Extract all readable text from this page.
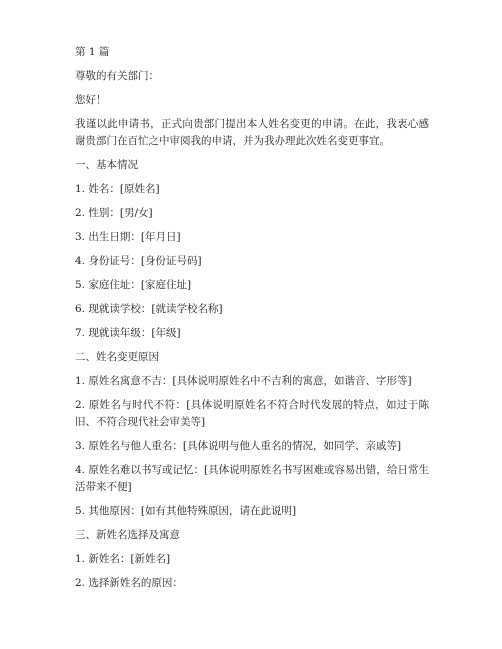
第 1 篇

尊敬的有关部门：

您好！

我谨以此申请书，正式向贵部门提出本人姓名变更的申请。在此，我衷心感谢贵部门在百忙之中审阅我的申请，并为我办理此次姓名变更事宜。

一、基本情况

1. 姓名：[原姓名]

2. 性别：[男/女]

3. 出生日期：[年月日]

4. 身份证号：[身份证号码]

5. 家庭住址：[家庭住址]

6. 现就读学校：[就读学校名称]

7. 现就读年级：[年级]

二、姓名变更原因

1. 原姓名寓意不吉：[具体说明原姓名中不吉利的寓意，如谐音、字形等]

2. 原姓名与时代不符：[具体说明原姓名不符合时代发展的特点，如过于陈旧、不符合现代社会审美等]

3. 原姓名与他人重名：[具体说明与他人重名的情况，如同学、亲戚等]

4. 原姓名难以书写或记忆：[具体说明原姓名书写困难或容易出错，给日常生活带来不便]

5. 其他原因：[如有其他特殊原因，请在此说明]

三、新姓名选择及寓意

1. 新姓名：[新姓名]

2. 选择新姓名的原因：
